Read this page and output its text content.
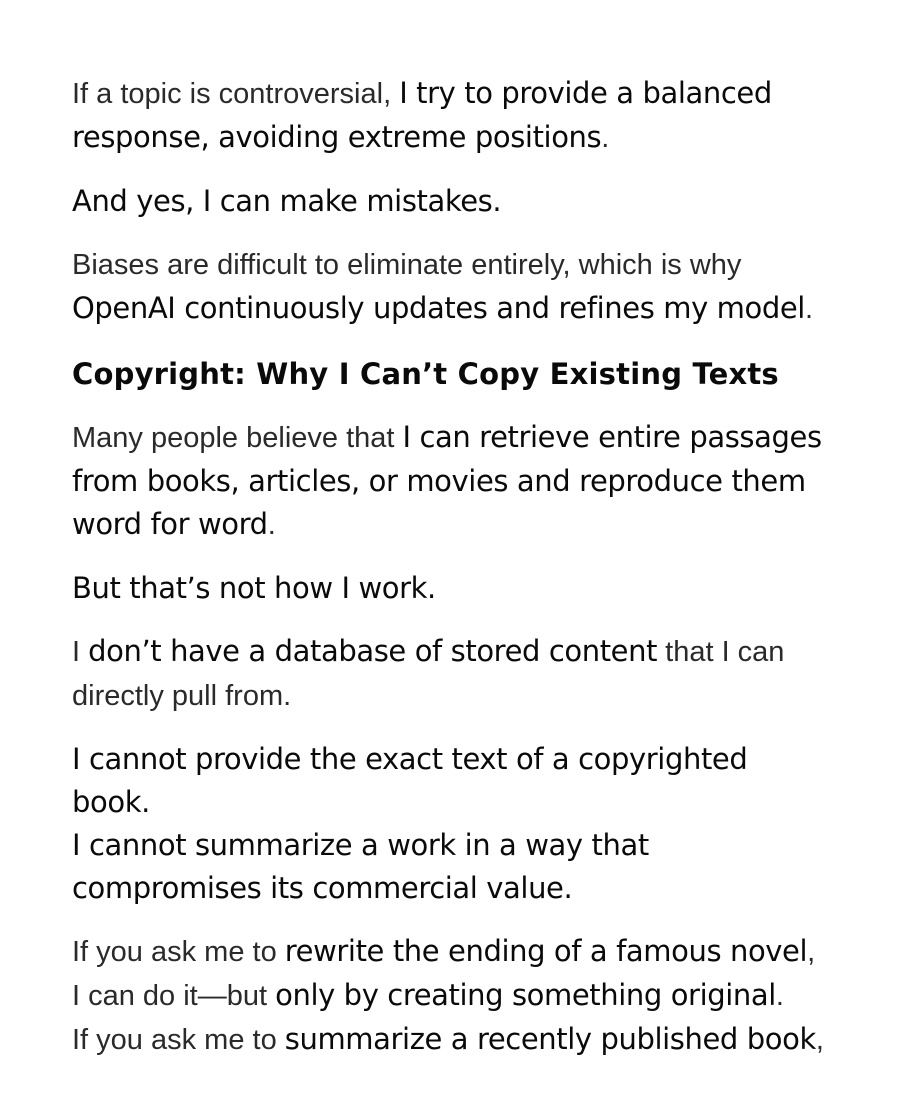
If a topic is controversial, I try to provide a balanced response, avoiding extreme positions.

And yes, I can make mistakes.

Biases are difficult to eliminate entirely, which is why OpenAI continuously updates and refines my model.

Copyright: Why I Can’t Copy Existing Texts

Many people believe that I can retrieve entire passages from books, articles, or movies and reproduce them word for word.

But that’s not how I work.

I don’t have a database of stored content that I can directly pull from.

I cannot provide the exact text of a copyrighted book.
I cannot summarize a work in a way that compromises its commercial value.

If you ask me to rewrite the ending of a famous novel,
I can do it—but only by creating something original.
If you ask me to summarize a recently published book,
